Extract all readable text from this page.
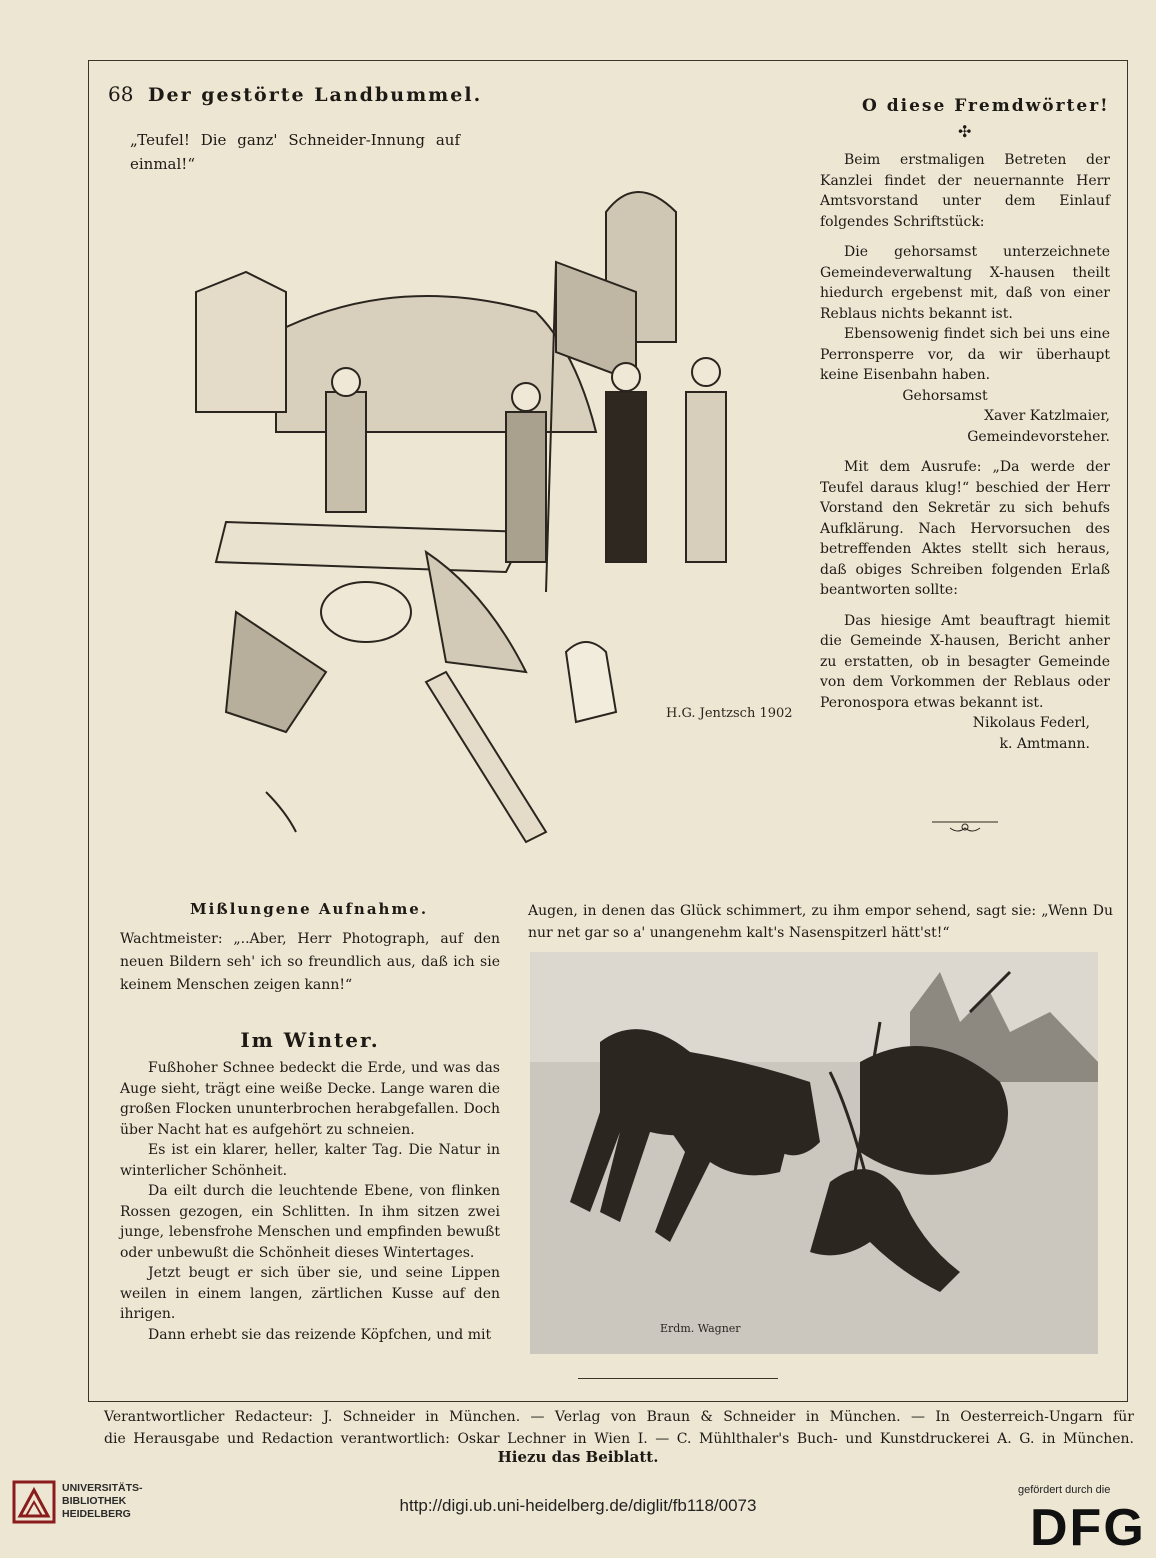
68 Der gestörte Landbummel.
„Teufel! Die ganz' Schneider-Innung auf einmal!“
H.G. Jentzsch 1902
O diese Fremdwörter!
✣

Beim erstmaligen Betreten der Kanzlei findet der neuernannte Herr Amtsvorstand unter dem Einlauf folgendes Schriftstück:

Die gehorsamst unterzeichnete Gemeindeverwaltung X-hausen theilt hiedurch ergebenst mit, daß von einer Reblaus nichts bekannt ist.

Ebensowenig findet sich bei uns eine Perronsperre vor, da wir überhaupt keine Eisenbahn haben.

Gehorsamst

Xaver Katzlmaier,

Gemeindevorsteher.

Mit dem Ausrufe: „Da werde der Teufel daraus klug!“ beschied der Herr Vorstand den Sekretär zu sich behufs Aufklärung. Nach Hervorsuchen des betreffenden Aktes stellt sich heraus, daß obiges Schreiben folgenden Erlaß beantworten sollte:

Das hiesige Amt beauftragt hiemit die Gemeinde X-hausen, Bericht anher zu erstatten, ob in besagter Gemeinde von dem Vorkommen der Reblaus oder Peronospora etwas bekannt ist.

Nikolaus Federl,

k. Amtmann.

Mißlungene Aufnahme.
Wachtmeister: „..Aber, Herr Photograph, auf den neuen Bildern seh' ich so freundlich aus, daß ich sie keinem Menschen zeigen kann!“
Im Winter.

Fußhoher Schnee bedeckt die Erde, und was das Auge sieht, trägt eine weiße Decke. Lange waren die großen Flocken ununterbrochen herabgefallen. Doch über Nacht hat es aufgehört zu schneien.

Es ist ein klarer, heller, kalter Tag. Die Natur in winterlicher Schönheit.

Da eilt durch die leuchtende Ebene, von flinken Rossen gezogen, ein Schlitten. In ihm sitzen zwei junge, lebensfrohe Menschen und empfinden bewußt oder unbewußt die Schönheit dieses Wintertages.

Jetzt beugt er sich über sie, und seine Lippen weilen in einem langen, zärtlichen Kusse auf den ihrigen.

Dann erhebt sie das reizende Köpfchen, und mit

Augen, in denen das Glück schimmert, zu ihm empor sehend, sagt sie: „Wenn Du nur net gar so a' unangenehm kalt's Nasenspitzerl hätt'st!“
Erdm. Wagner
Verantwortlicher Redacteur: J. Schneider in München. — Verlag von Braun & Schneider in München. — In Oesterreich-Ungarn für
die Herausgabe und Redaction verantwortlich: Oskar Lechner in Wien I. — C. Mühlthaler's Buch- und Kunstdruckerei A. G. in München.
Hiezu das Beiblatt.
UNIVERSITÄTS-
BIBLIOTHEK
HEIDELBERG	http://digi.ub.uni-heidelberg.de/diglit/fb118/0073
gefördert durch die
DFG
